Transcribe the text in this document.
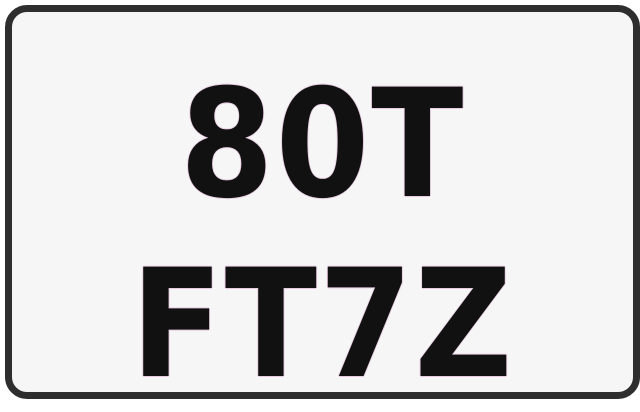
80T
FT7Z
